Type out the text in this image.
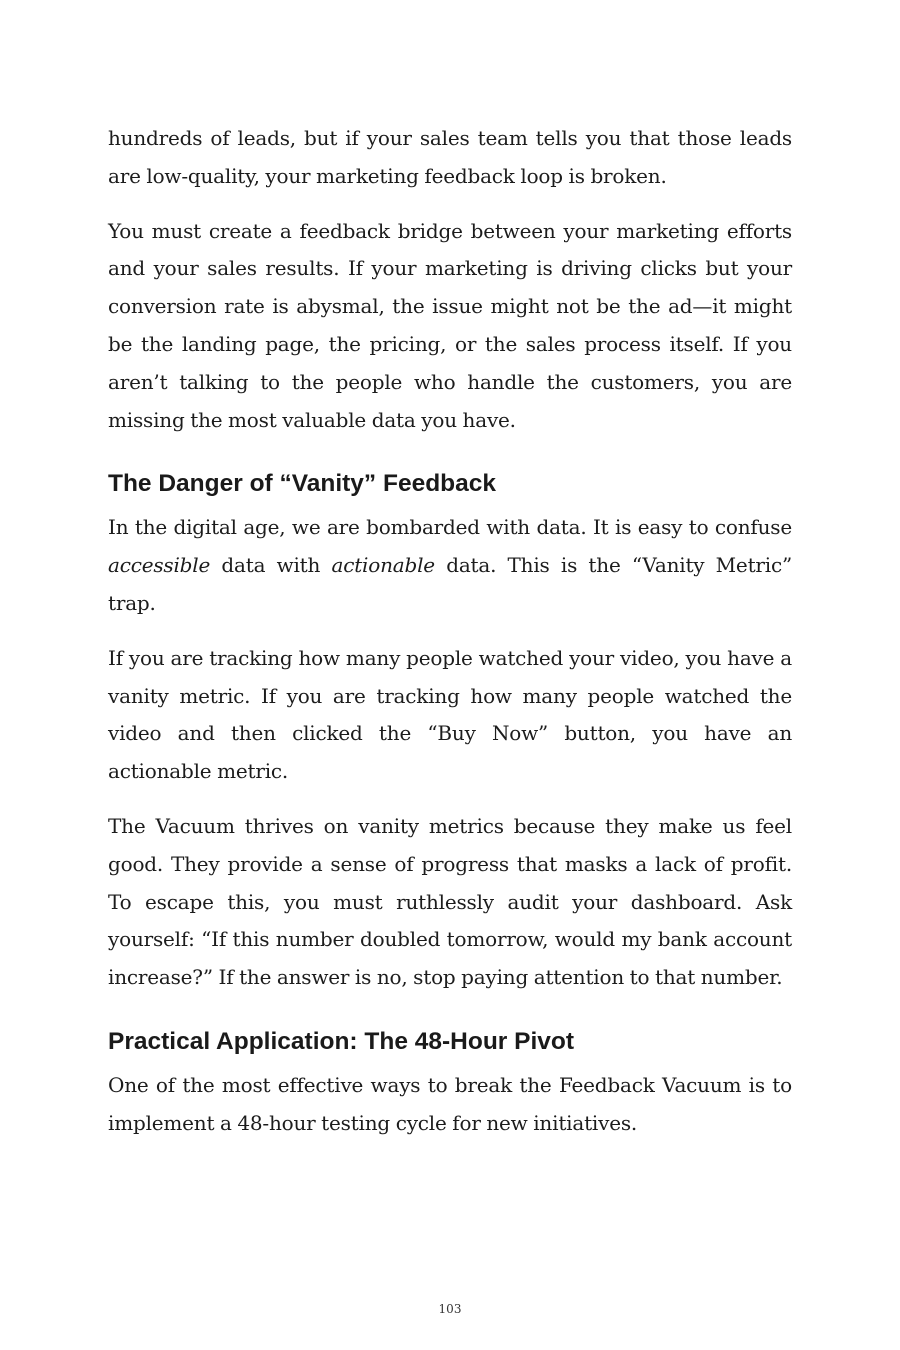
hundreds of leads, but if your sales team tells you that those leads are low-quality, your marketing feedback loop is broken.

You must create a feedback bridge between your marketing efforts and your sales results. If your marketing is driving clicks but your conversion rate is abysmal, the issue might not be the ad—it might be the landing page, the pricing, or the sales process itself. If you aren’t talking to the people who handle the customers, you are missing the most valuable data you have.

The Danger of “Vanity” Feedback

In the digital age, we are bombarded with data. It is easy to confuse accessible data with actionable data. This is the “Vanity Metric” trap.

If you are tracking how many people watched your video, you have a vanity metric. If you are tracking how many people watched the video and then clicked the “Buy Now” button, you have an actionable metric.

The Vacuum thrives on vanity metrics because they make us feel good. They provide a sense of progress that masks a lack of profit. To escape this, you must ruthlessly audit your dashboard. Ask yourself: “If this number doubled tomorrow, would my bank account increase?” If the answer is no, stop paying attention to that number.

Practical Application: The 48-Hour Pivot

One of the most effective ways to break the Feedback Vacuum is to implement a 48-hour testing cycle for new initiatives.

103
